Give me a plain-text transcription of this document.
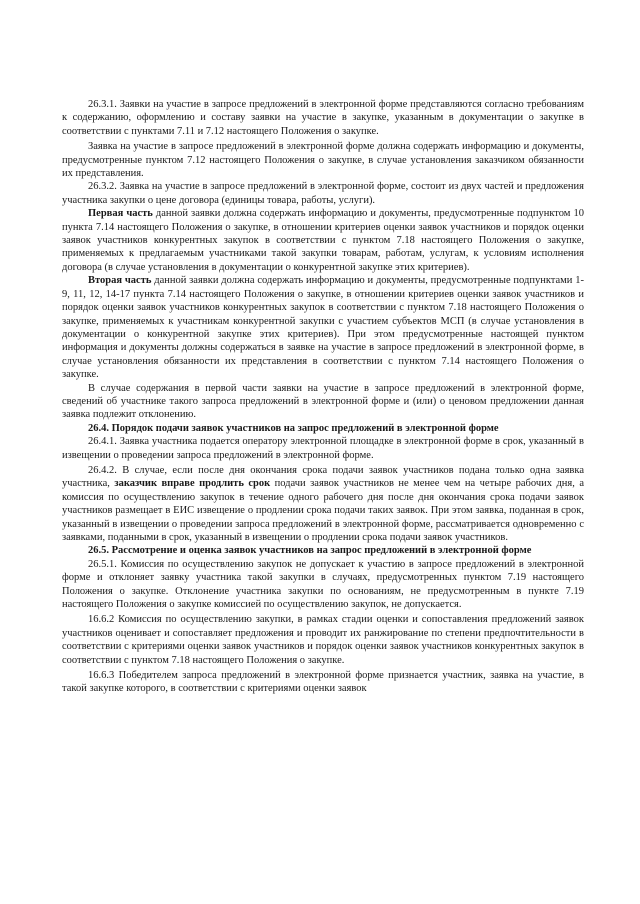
26.3.1. Заявки на участие в запросе предложений в электронной форме представляются согласно требованиям к содержанию, оформлению и составу заявки на участие в закупке, указанным в документации о закупке в соответствии с пунктами 7.11 и 7.12 настоящего Положения о закупке.

Заявка на участие в запросе предложений в электронной форме должна содержать информацию и документы, предусмотренные пунктом 7.12 настоящего Положения о закупке, в случае установления заказчиком обязанности их представления.

26.3.2. Заявка на участие в запросе предложений в электронной форме, состоит из двух частей и предложения участника закупки о цене договора (единицы товара, работы, услуги).

Первая часть данной заявки должна содержать информацию и документы, предусмотренные подпунктом 10 пункта 7.14 настоящего Положения о закупке, в отношении критериев оценки заявок участников и порядок оценки заявок участников конкурентных закупок в соответствии с пунктом 7.18 настоящего Положения о закупке, применяемых к предлагаемым участниками такой закупки товарам, работам, услугам, к условиям исполнения договора (в случае установления в документации о конкурентной закупке этих критериев).

Вторая часть данной заявки должна содержать информацию и документы, предусмотренные подпунктами 1-9, 11, 12, 14-17 пункта 7.14 настоящего Положения о закупке, в отношении критериев оценки заявок участников и порядок оценки заявок участников конкурентных закупок в соответствии с пунктом 7.18 настоящего Положения о закупке, применяемых к участникам конкурентной закупки с участием субъектов МСП (в случае установления в документации о конкурентной закупке этих критериев). При этом предусмотренные настоящей пунктом информация и документы должны содержаться в заявке на участие в запросе предложений в электронной форме, в случае установления обязанности их представления в соответствии с пунктом 7.14 настоящего Положения о закупке.

В случае содержания в первой части заявки на участие в запросе предложений в электронной форме, сведений об участнике такого запроса предложений в электронной форме и (или) о ценовом предложении данная заявка подлежит отклонению.

26.4. Порядок подачи заявок участников на запрос предложений в электронной форме

26.4.1. Заявка участника подается оператору электронной площадке в электронной форме в срок, указанный в извещении о проведении запроса предложений в электронной форме.

26.4.2. В случае, если после дня окончания срока подачи заявок участников подана только одна заявка участника, заказчик вправе продлить срок подачи заявок участников не менее чем на четыре рабочих дня, а комиссия по осуществлению закупок в течение одного рабочего дня после дня окончания срока подачи заявок участников размещает в ЕИС извещение о продлении срока подачи таких заявок. При этом заявка, поданная в срок, указанный в извещении о проведении запроса предложений в электронной форме, рассматривается одновременно с заявками, поданными в срок, указанный в извещении о продлении срока подачи заявок участников.

26.5. Рассмотрение и оценка заявок участников на запрос предложений в электронной форме

26.5.1. Комиссия по осуществлению закупок не допускает к участию в запросе предложений в электронной форме и отклоняет заявку участника такой закупки в случаях, предусмотренных пунктом 7.19 настоящего Положения о закупке. Отклонение участника закупки по основаниям, не предусмотренным в пункте 7.19 настоящего Положения о закупке комиссией по осуществлению закупок, не допускается.

16.6.2 Комиссия по осуществлению закупки, в рамках стадии оценки и сопоставления предложений заявок участников оценивает и сопоставляет предложения и проводит их ранжирование по степени предпочтительности в соответствии с критериями оценки заявок участников и порядок оценки заявок участников конкурентных закупок в соответствии с пунктом 7.18 настоящего Положения о закупке.

16.6.3 Победителем запроса предложений в электронной форме признается участник, заявка на участие, в такой закупке которого, в соответствии с критериями оценки заявок
